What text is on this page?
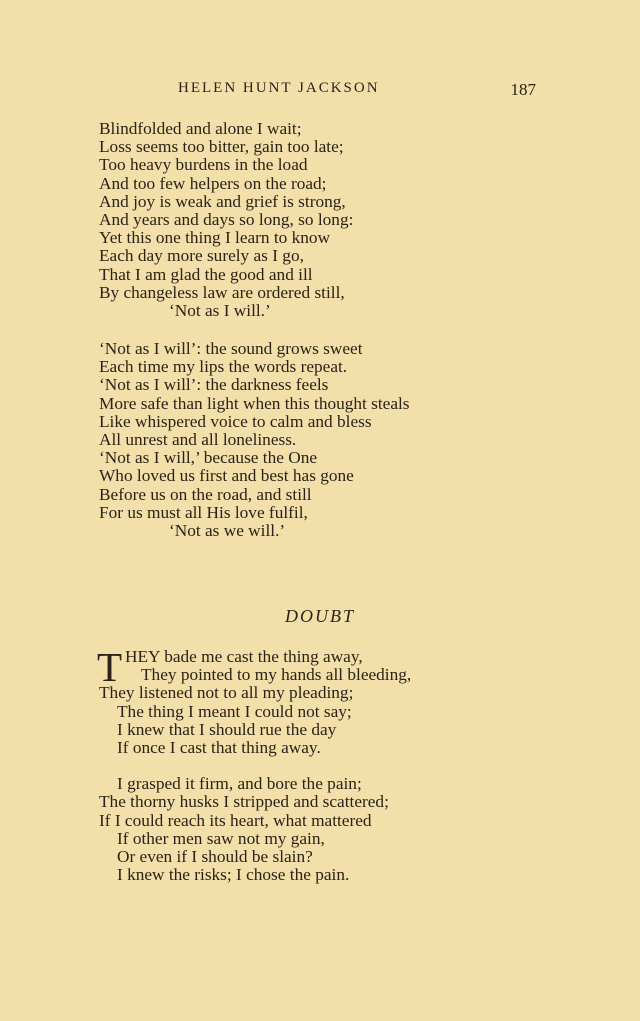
HELEN HUNT JACKSON	187
Blindfolded and alone I wait;
Loss seems too bitter, gain too late;
Too heavy burdens in the load
And too few helpers on the road;
And joy is weak and grief is strong,
And years and days so long, so long:
Yet this one thing I learn to know
Each day more surely as I go,
That I am glad the good and ill
By changeless law are ordered still,
‘Not as I will.’
‘Not as I will’: the sound grows sweet
Each time my lips the words repeat.
‘Not as I will’: the darkness feels
More safe than light when this thought steals
Like whispered voice to calm and bless
All unrest and all loneliness.
‘Not as I will,’ because the One
Who loved us first and best has gone
Before us on the road, and still
For us must all His love fulfil,
‘Not as we will.’
DOUBT
T HEY bade me cast the thing away,
They pointed to my hands all bleeding,
They listened not to all my pleading;
The thing I meant I could not say;
I knew that I should rue the day
If once I cast that thing away.
I grasped it firm, and bore the pain;
The thorny husks I stripped and scattered;
If I could reach its heart, what mattered
If other men saw not my gain,
Or even if I should be slain?
I knew the risks; I chose the pain.
